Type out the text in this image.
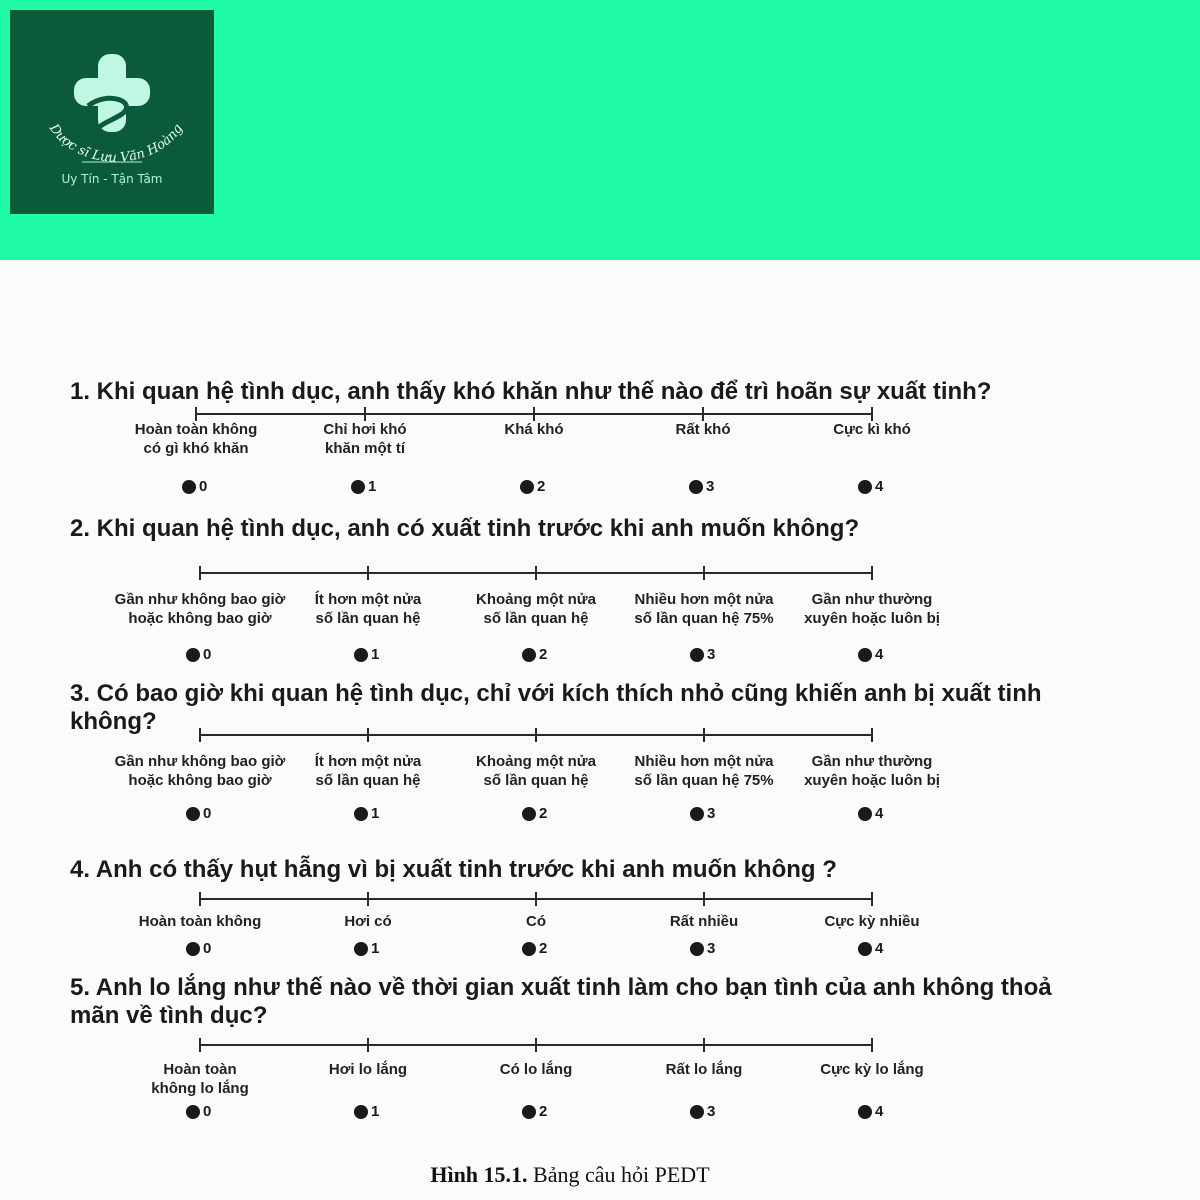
Dược sĩ Lưu Văn Hoàng
Uy Tín - Tận Tâm
1. Khi quan hệ tình dục, anh thấy khó khăn như thế nào để trì hoãn sự xuất tinh?
Hoàn toàn không
có gì khó khăn
0
Chỉ hơi khó
khăn một tí
1
Khá khó
2
Rất khó
3
Cực kì khó
4
2. Khi quan hệ tình dục, anh có xuất tinh trước khi anh muốn không?
Gần như không bao giờ
hoặc không bao giờ
0
Ít hơn một nửa
số lần quan hệ
1
Khoảng một nửa
số lần quan hệ
2
Nhiều hơn một nửa
số lần quan hệ 75%
3
Gần như thường
xuyên hoặc luôn bị
4
3. Có bao giờ khi quan hệ tình dục, chỉ với kích thích nhỏ cũng khiến anh bị xuất tinh không?
Gần như không bao giờ
hoặc không bao giờ
0
Ít hơn một nửa
số lần quan hệ
1
Khoảng một nửa
số lần quan hệ
2
Nhiều hơn một nửa
số lần quan hệ 75%
3
Gần như thường
xuyên hoặc luôn bị
4
4. Anh có thấy hụt hẫng vì bị xuất tinh trước khi anh muốn không ?
Hoàn toàn không
0
Hơi có
1
Có
2
Rất nhiều
3
Cực kỳ nhiều
4
5. Anh lo lắng như thế nào về thời gian xuất tinh làm cho bạn tình của anh không thoả mãn về tình dục?
Hoàn toàn
không lo lắng
0
Hơi lo lắng
1
Có lo lắng
2
Rất lo lắng
3
Cực kỳ lo lắng
4
Hình 15.1. Bảng câu hỏi PEDT
